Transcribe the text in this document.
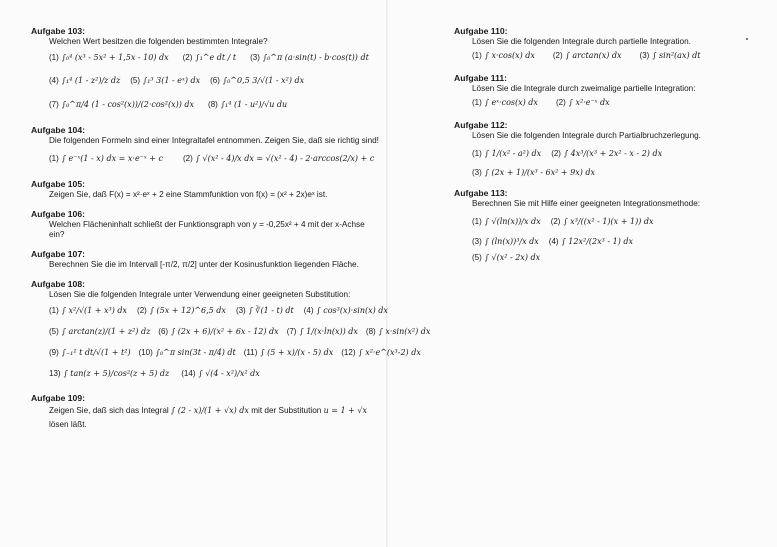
Aufgabe 103:
Welchen Wert besitzen die folgenden bestimmten Integrale?
(1) ∫₀⁴ (x³ - 5x² + 1,5x - 10) dx (2) ∫₁^e dt / t (3) ∫₀^π (a·sin(t) - b·cos(t)) dt
(4) ∫₁⁴ (1 - z²)/z dz (5) ∫₁³ 3(1 - eˣ) dx (6) ∫₀^0,5 3/√(1 - x²) dx
(7) ∫₀^π/4 (1 - cos²(x))/(2·cos²(x)) dx (8) ∫₁⁴ (1 - u²)/√u du
Aufgabe 104:
Die folgenden Formeln sind einer Integraltafel entnommen. Zeigen Sie, daß sie richtig sind!
(1) ∫ e⁻ˣ(1 - x) dx = x·e⁻ˣ + c	(2) ∫ √(x² - 4)/x dx = √(x² - 4) - 2·arccos(2/x) + c
Aufgabe 105:
Zeigen Sie, daß F(x) = x²·eˣ + 2 eine Stammfunktion von f(x) = (x² + 2x)eˣ ist.
Aufgabe 106:
Welchen Flächeninhalt schließt der Funktionsgraph von y = -0,25x² + 4 mit der x-Achse ein?
Aufgabe 107:
Berechnen Sie die im Intervall [-π/2, π/2] unter der Kosinusfunktion liegenden Fläche.
Aufgabe 108:
Lösen Sie die folgenden Integrale unter Verwendung einer geeigneten Substitution:
(1) ∫ x²/√(1 + x³) dx (2) ∫ (5x + 12)^6,5 dx (3) ∫ ∛(1 - t) dt (4) ∫ cos³(x)·sin(x) dx
(5) ∫ arctan(z)/(1 + z²) dz (6) ∫ (2x + 6)/(x² + 6x - 12) dx (7) ∫ 1/(x·ln(x)) dx (8) ∫ x·sin(x²) dx
(9) ∫₋₁¹ t dt/√(1 + t²) (10) ∫₀^π sin(3t - π/4) dt (11) ∫ (5 + x)/(x - 5) dx (12) ∫ x²·e^(x³-2) dx
13) ∫ tan(z + 5)/cos²(z + 5) dz (14) ∫ √(4 - x²)/x² dx
Aufgabe 109:
Zeigen Sie, daß sich das Integral ∫ (2 - x)/(1 + √x) dx mit der Substitution u = 1 + √x lösen läßt.
Aufgabe 110:
Lösen Sie die folgenden Integrale durch partielle Integration.
(1) ∫ x·cos(x) dx (2) ∫ arctan(x) dx (3) ∫ sin²(ax) dt
Aufgabe 111:
Lösen Sie die Integrale durch zweimalige partielle Integration:
(1) ∫ eˣ·cos(x) dx (2) ∫ x²·e⁻ˣ dx
Aufgabe 112:
Lösen Sie die folgenden Integrale durch Partialbruchzerlegung.
(1) ∫ 1/(x² - a²) dx (2) ∫ 4x³/(x³ + 2x² - x - 2) dx
(3) ∫ (2x + 1)/(x³ - 6x² + 9x) dx
Aufgabe 113:
Berechnen Sie mit Hilfe einer geeigneten Integrationsmethode:
(1) ∫ √(ln(x))/x dx (2) ∫ x³/((x² - 1)(x + 1)) dx
(3) ∫ (ln(x))³/x dx (4) ∫ 12x²/(2x³ - 1) dx
(5) ∫ √(x² - 2x) dx
